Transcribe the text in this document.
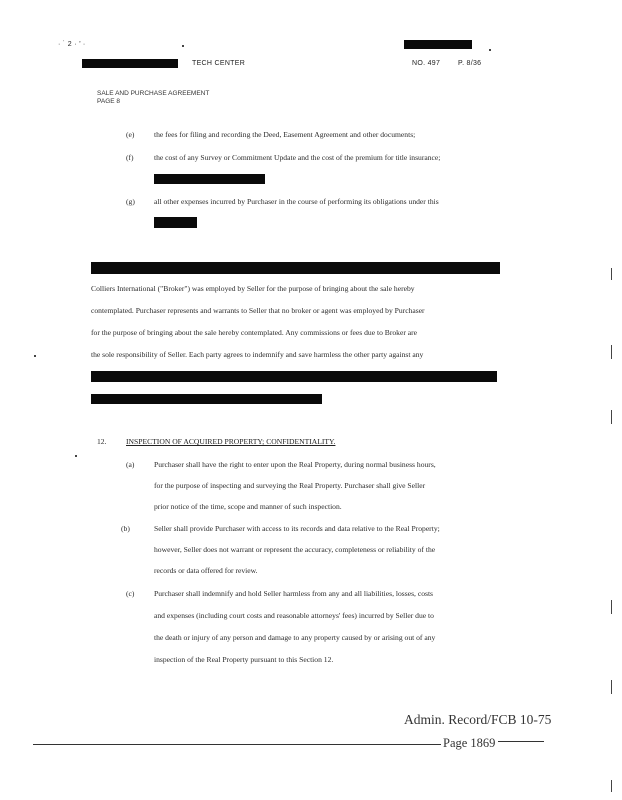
· ˙ 2 · ’ ·
TECH CENTER	NO. 497	P. 8/36
SALE AND PURCHASE AGREEMENT
PAGE 8
(e)	the fees for filing and recording the Deed, Easement Agreement and other documents;
(f)	the cost of any Survey or Commitment Update and the cost of the premium for title insurance;
(g)	all other expenses incurred by Purchaser in the course of performing its obligations under this
Colliers International ("Broker") was employed by Seller for the purpose of bringing about the sale hereby
contemplated. Purchaser represents and warrants to Seller that no broker or agent was employed by Purchaser
for the purpose of bringing about the sale hereby contemplated. Any commissions or fees due to Broker are
the sole responsibility of Seller. Each party agrees to indemnify and save harmless the other party against any
12.	INSPECTION OF ACQUIRED PROPERTY; CONFIDENTIALITY.
(a)	Purchaser shall have the right to enter upon the Real Property, during normal business hours,
for the purpose of inspecting and surveying the Real Property. Purchaser shall give Seller
prior notice of the time, scope and manner of such inspection.
(b)	Seller shall provide Purchaser with access to its records and data relative to the Real Property;
however, Seller does not warrant or represent the accuracy, completeness or reliability of the
records or data offered for review.
(c)	Purchaser shall indemnify and hold Seller harmless from any and all liabilities, losses, costs
and expenses (including court costs and reasonable attorneys' fees) incurred by Seller due to
the death or injury of any person and damage to any property caused by or arising out of any
inspection of the Real Property pursuant to this Section 12.
Admin. Record/FCB 10-75
Page 1869
